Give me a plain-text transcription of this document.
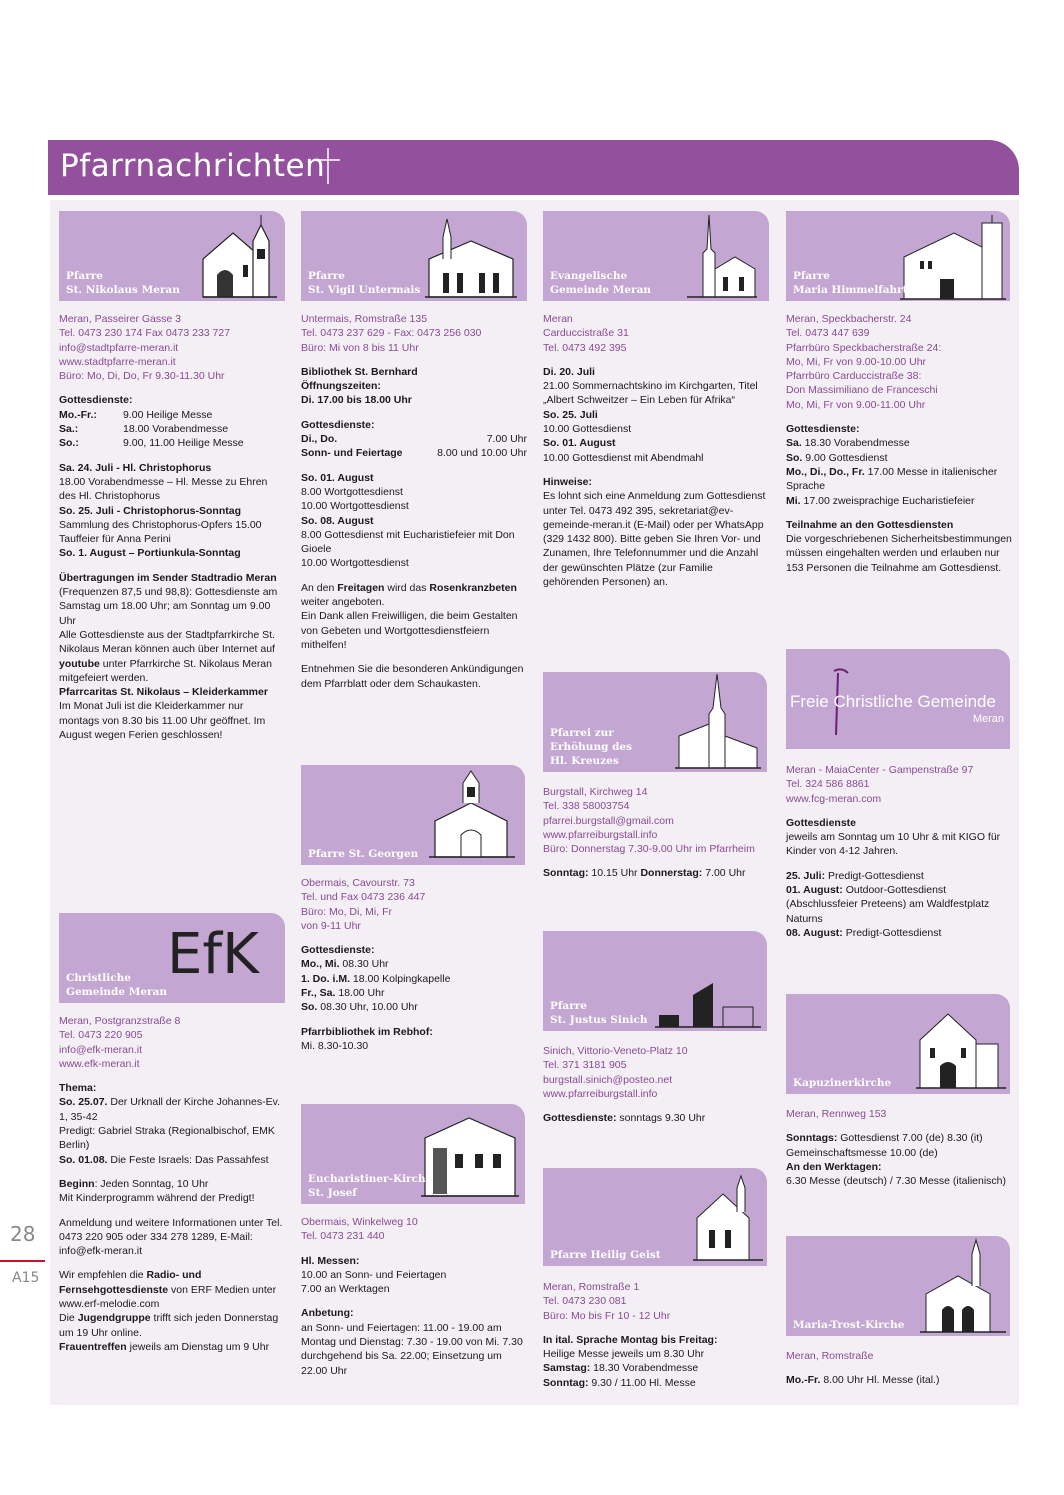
Pfarrnachrichten
28
A15
Pfarre
St. Nikolaus Meran

Meran, Passeirer Gasse 3

Tel. 0473 230 174 Fax 0473 233 727

info@stadtpfarre-meran.it

www.stadtpfarre-meran.it

Büro: Mo, Di, Do, Fr 9.30-11.30 Uhr

Gottesdienste:

Mo.-Fr.:	9.00 Heilige Messe
Sa.:	18.00 Vorabendmesse
So.:	9.00, 11.00 Heilige Messe

Sa. 24. Juli - Hl. Christophorus

18.00 Vorabendmesse – Hl. Messe zu Ehren des Hl. Christophorus

So. 25. Juli - Christophorus-Sonntag

Sammlung des Christophorus-Opfers 15.00 Tauffeier für Anna Perini

So. 1. August – Portiunkula-Sonntag

Übertragungen im Sender Stadtradio Meran (Frequenzen 87,5 und 98,8): Gottesdienste am Samstag um 18.00 Uhr; am Sonntag um 9.00 Uhr

Alle Gottesdienste aus der Stadtpfarrkirche St. Nikolaus Meran können auch über Internet auf youtube unter Pfarrkirche St. Nikolaus Meran mitgefeiert werden.

Pfarrcaritas St. Nikolaus – Kleiderkammer

Im Monat Juli ist die Kleiderkammer nur montags von 8.30 bis 11.00 Uhr geöffnet. Im August wegen Ferien geschlossen!

EfK
Christliche
Gemeinde Meran

Meran, Postgranzstraße 8

Tel. 0473 220 905

info@efk-meran.it

www.efk-meran.it

Thema:

So. 25.07. Der Urknall der Kirche Johannes-Ev. 1, 35-42

Predigt: Gabriel Straka (Regionalbischof, EMK Berlin)

So. 01.08. Die Feste Israels: Das Passahfest

Beginn: Jeden Sonntag, 10 Uhr

Mit Kinderprogramm während der Predigt!

Anmeldung und weitere Informationen unter Tel. 0473 220 905 oder 334 278 1289, E-Mail: info@efk-meran.it

Wir empfehlen die Radio- und Fernsehgottesdienste von ERF Medien unter www.erf-melodie.com

Die Jugendgruppe trifft sich jeden Donnerstag um 19 Uhr online.

Frauentreffen jeweils am Dienstag um 9 Uhr

Pfarre
St. Vigil Untermais

Untermais, Romstraße 135

Tel. 0473 237 629 - Fax: 0473 256 030

Büro: Mi von 8 bis 11 Uhr

Bibliothek St. Bernhard

Öffnungszeiten:

Di. 17.00 bis 18.00 Uhr

Gottesdienste:

Di., Do.	7.00 Uhr
Sonn- und Feiertage	8.00 und 10.00 Uhr

So. 01. August

8.00 Wortgottesdienst

10.00 Wortgottesdienst

So. 08. August

8.00 Gottesdienst mit Eucharistiefeier mit Don Gioele

10.00 Wortgottesdienst

An den Freitagen wird das Rosenkranzbeten weiter angeboten.

Ein Dank allen Freiwilligen, die beim Gestalten von Gebeten und Wortgottesdienstfeiern mithelfen!

Entnehmen Sie die besonderen Ankündigungen dem Pfarrblatt oder dem Schaukasten.

Pfarre St. Georgen

Obermais, Cavourstr. 73

Tel. und Fax 0473 236 447

Büro: Mo, Di, Mi, Fr

von 9-11 Uhr

Gottesdienste:

Mo., Mi. 08.30 Uhr

1. Do. i.M. 18.00 Kolpingkapelle

Fr., Sa. 18.00 Uhr

So. 08.30 Uhr, 10.00 Uhr

Pfarrbibliothek im Rebhof:

Mi. 8.30-10.30

Eucharistiner-Kirche
St. Josef

Obermais, Winkelweg 10

Tel. 0473 231 440

Hl. Messen:

10.00 an Sonn- und Feiertagen

7.00 an Werktagen

Anbetung:

an Sonn- und Feiertagen: 11.00 - 19.00 am Montag und Dienstag: 7.30 - 19.00 von Mi. 7.30 durchgehend bis Sa. 22.00; Einsetzung um 22.00 Uhr

Evangelische
Gemeinde Meran

Meran

Carduccistraße 31

Tel. 0473 492 395

Di. 20. Juli

21.00 Sommernachtskino im Kirchgarten, Titel „Albert Schweitzer – Ein Leben für Afrika“

So. 25. Juli

10.00 Gottesdienst

So. 01. August

10.00 Gottesdienst mit Abendmahl

Hinweise:

Es lohnt sich eine Anmeldung zum Gottesdienst unter Tel. 0473 492 395, sekretariat@ev-gemeinde-meran.it (E-Mail) oder per WhatsApp (329 1432 800). Bitte geben Sie Ihren Vor- und Zunamen, Ihre Telefonnummer und die Anzahl der gewünschten Plätze (zur Familie gehörenden Personen) an.

Pfarrei zur
Erhöhung des
Hl. Kreuzes

Burgstall, Kirchweg 14

Tel. 338 58003754

pfarrei.burgstall@gmail.com

www.pfarreiburgstall.info

Büro: Donnerstag 7.30-9.00 Uhr im Pfarrheim

Sonntag: 10.15 Uhr Donnerstag: 7.00 Uhr

Pfarre
St. Justus Sinich

Sinich, Vittorio-Veneto-Platz 10

Tel. 371 3181 905

burgstall.sinich@posteo.net

www.pfarreiburgstall.info

Gottesdienste: sonntags 9.30 Uhr

Pfarre Heilig Geist

Meran, Romstraße 1

Tel. 0473 230 081

Büro: Mo bis Fr 10 - 12 Uhr

In ital. Sprache Montag bis Freitag:

Heilige Messe jeweils um 8.30 Uhr

Samstag: 18.30 Vorabendmesse

Sonntag: 9.30 / 11.00 Hl. Messe

Pfarre
Maria Himmelfahrt

Meran, Speckbacherstr. 24

Tel. 0473 447 639

Pfarrbüro Speckbacherstraße 24:

Mo, Mi, Fr von 9.00-10.00 Uhr

Pfarrbüro Carduccistraße 38:

Don Massimiliano de Franceschi

Mo, Mi, Fr von 9.00-11.00 Uhr

Gottesdienste:

Sa. 18.30 Vorabendmesse

So. 9.00 Gottesdienst

Mo., Di., Do., Fr. 17.00 Messe in italienischer Sprache

Mi. 17.00 zweisprachige Eucharistiefeier

Teilnahme an den Gottesdiensten

Die vorgeschriebenen Sicherheitsbestimmungen müssen eingehalten werden und erlauben nur 153 Personen die Teilnahme am Gottesdienst.

Freie Christliche Gemeinde
Meran

Meran - MaiaCenter - Gampenstraße 97

Tel. 324 586 8861

www.fcg-meran.com

Gottesdienste

jeweils am Sonntag um 10 Uhr & mit KIGO für Kinder von 4-12 Jahren.

25. Juli: Predigt-Gottesdienst

01. August: Outdoor-Gottesdienst (Abschlussfeier Preteens) am Waldfestplatz Naturns

08. August: Predigt-Gottesdienst

Kapuzinerkirche

Meran, Rennweg 153

Sonntags: Gottesdienst 7.00 (de) 8.30 (it) Gemeinschaftsmesse 10.00 (de)

An den Werktagen:

6.30 Messe (deutsch) / 7.30 Messe (italienisch)

Maria-Trost-Kirche

Meran, Romstraße

Mo.-Fr. 8.00 Uhr Hl. Messe (ital.)
